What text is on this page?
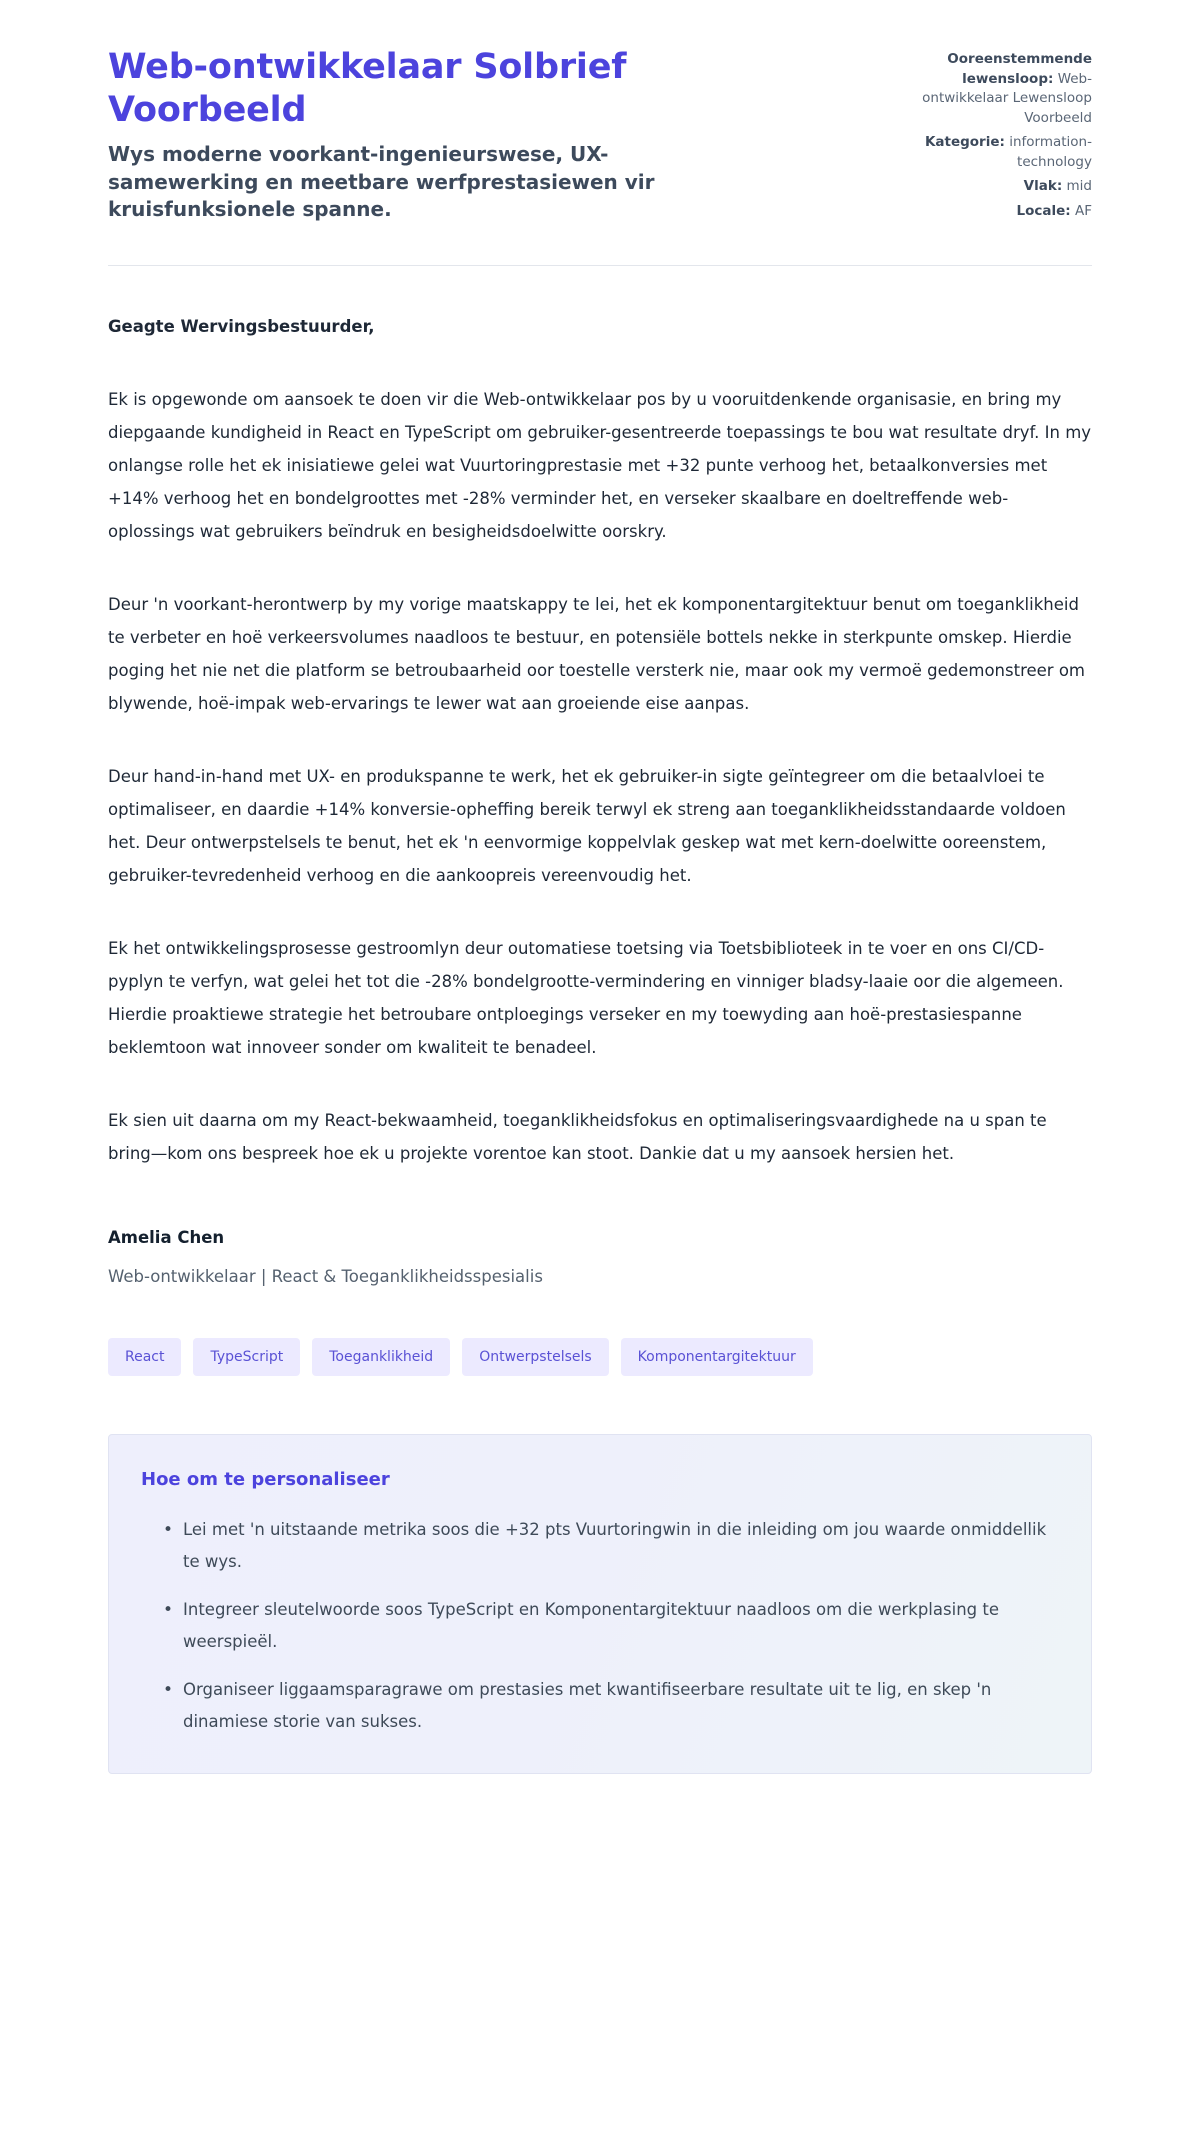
Web-ontwikkelaar Solbrief Voorbeeld

Wys moderne voorkant-ingenieurswese, UX-samewerking en meetbare werfprestasiewen vir kruisfunksionele spanne.

Ooreenstemmende lewensloop: Web-ontwikkelaar Lewensloop Voorbeeld
Kategorie: information-technology
Vlak: mid
Locale: AF

Geagte Wervingsbestuurder,

Ek is opgewonde om aansoek te doen vir die Web-ontwikkelaar pos by u vooruitdenkende organisasie, en bring my diepgaande kundigheid in React en TypeScript om gebruiker-gesentreerde toepassings te bou wat resultate dryf. In my onlangse rolle het ek inisiatiewe gelei wat Vuurtoringprestasie met +32 punte verhoog het, betaalkonversies met +14% verhoog het en bondelgroottes met -28% verminder het, en verseker skaalbare en doeltreffende web-oplossings wat gebruikers beïndruk en besigheidsdoelwitte oorskry.

Deur 'n voorkant-herontwerp by my vorige maatskappy te lei, het ek komponentargitektuur benut om toeganklikheid te verbeter en hoë verkeersvolumes naadloos te bestuur, en potensiële bottels nekke in sterkpunte omskep. Hierdie poging het nie net die platform se betroubaarheid oor toestelle versterk nie, maar ook my vermoë gedemonstreer om blywende, hoë-impak web-ervarings te lewer wat aan groeiende eise aanpas.

Deur hand-in-hand met UX- en produkspanne te werk, het ek gebruiker-in sigte geïntegreer om die betaalvloei te optimaliseer, en daardie +14% konversie-opheffing bereik terwyl ek streng aan toeganklikheidsstandaarde voldoen het. Deur ontwerpstelsels te benut, het ek 'n eenvormige koppelvlak geskep wat met kern-doelwitte ooreenstem, gebruiker-tevredenheid verhoog en die aankoopreis vereenvoudig het.

Ek het ontwikkelingsprosesse gestroomlyn deur outomatiese toetsing via Toetsbiblioteek in te voer en ons CI/CD-pyplyn te verfyn, wat gelei het tot die -28% bondelgrootte-vermindering en vinniger bladsy-laaie oor die algemeen. Hierdie proaktiewe strategie het betroubare ontploegings verseker en my toewyding aan hoë-prestasiespanne beklemtoon wat innoveer sonder om kwaliteit te benadeel.

Ek sien uit daarna om my React-bekwaamheid, toeganklikheidsfokus en optimaliseringsvaardighede na u span te bring—kom ons bespreek hoe ek u projekte vorentoe kan stoot. Dankie dat u my aansoek hersien het.

Amelia Chen

Web-ontwikkelaar | React & Toeganklikheidsspesialis

React	TypeScript	Toeganklikheid	Ontwerpstelsels	Komponentargitektuur
Hoe om te personaliseer
• Lei met 'n uitstaande metrika soos die +32 pts Vuurtoringwin in die inleiding om jou waarde onmiddellik te wys.
• Integreer sleutelwoorde soos TypeScript en Komponentargitektuur naadloos om die werkplasing te weerspieël.
• Organiseer liggaamsparagrawe om prestasies met kwantifiseerbare resultate uit te lig, en skep 'n dinamiese storie van sukses.
